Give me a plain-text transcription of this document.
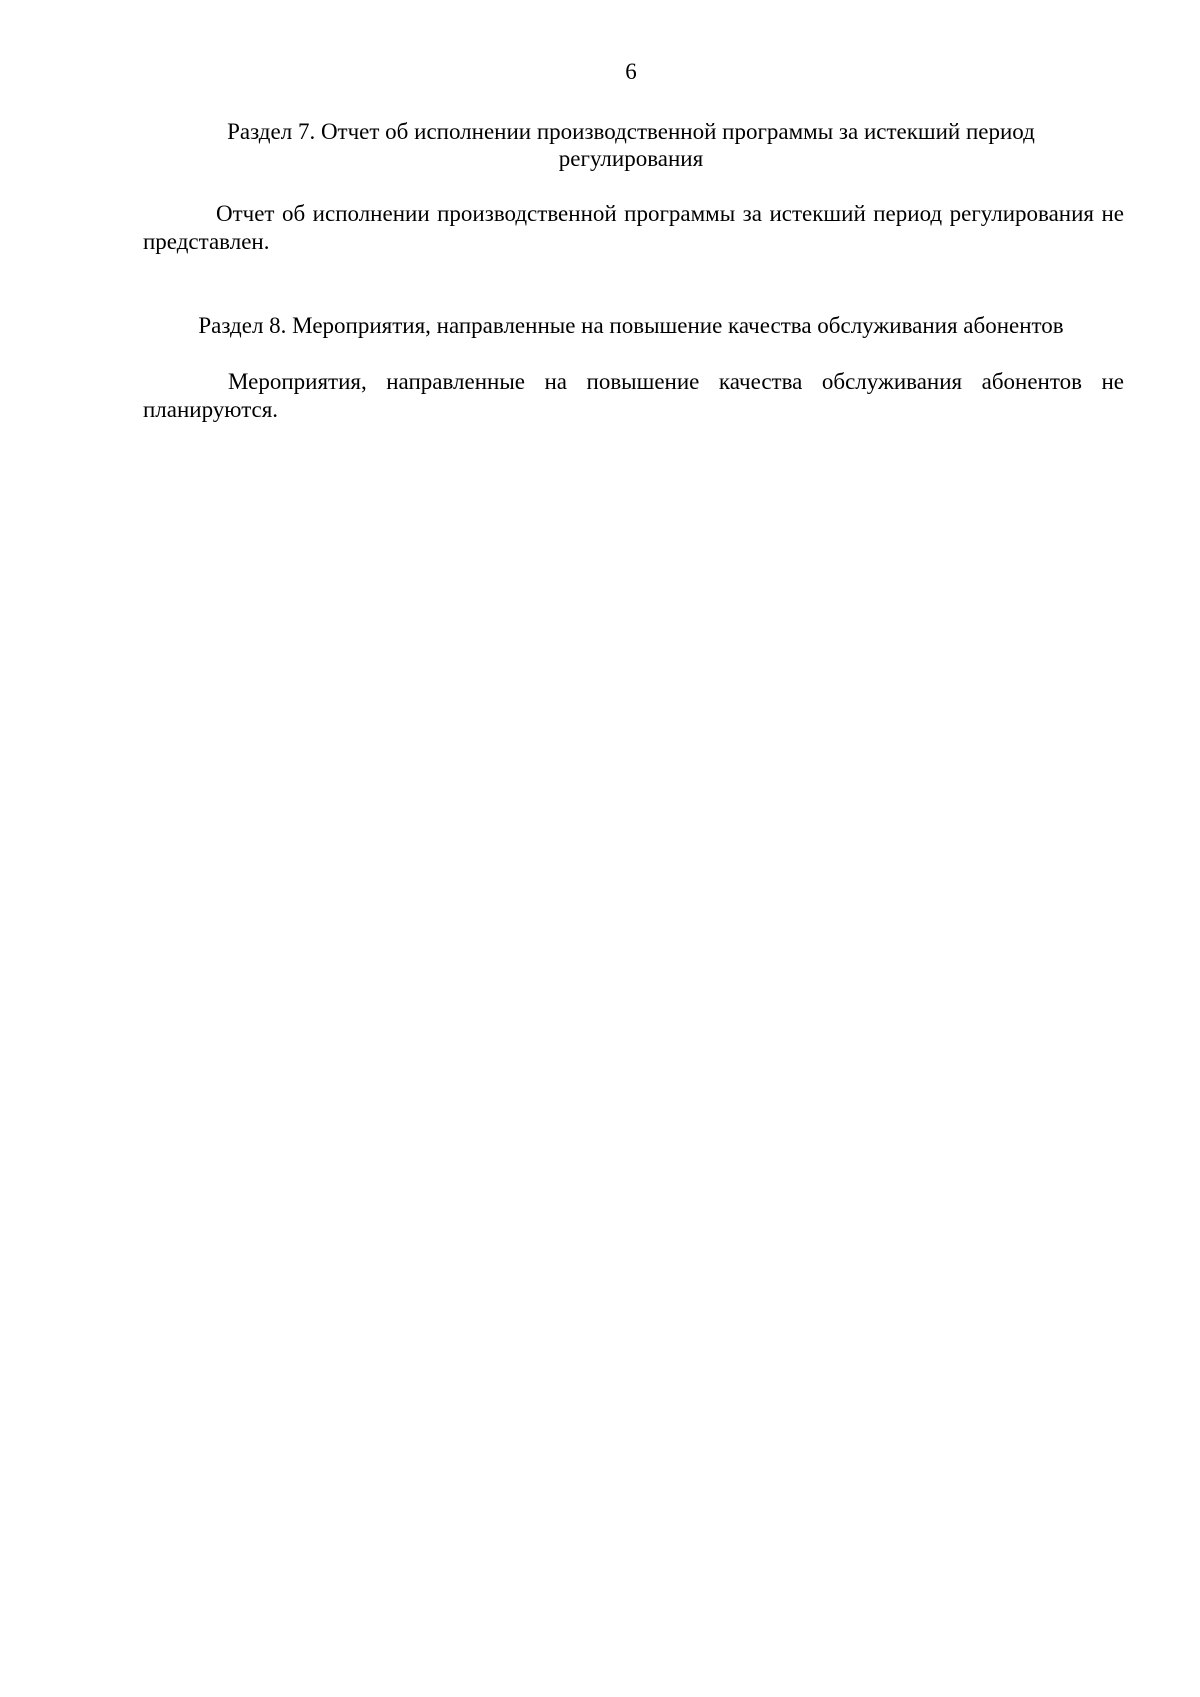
6
Раздел 7. Отчет об исполнении производственной программы за истекший период
регулирования

Отчет об исполнении производственной программы за истекший период регулирования не представлен.

Раздел 8. Мероприятия, направленные на повышение качества обслуживания абонентов

Мероприятия, направленные на повышение качества обслуживания абонентов не планируются.
